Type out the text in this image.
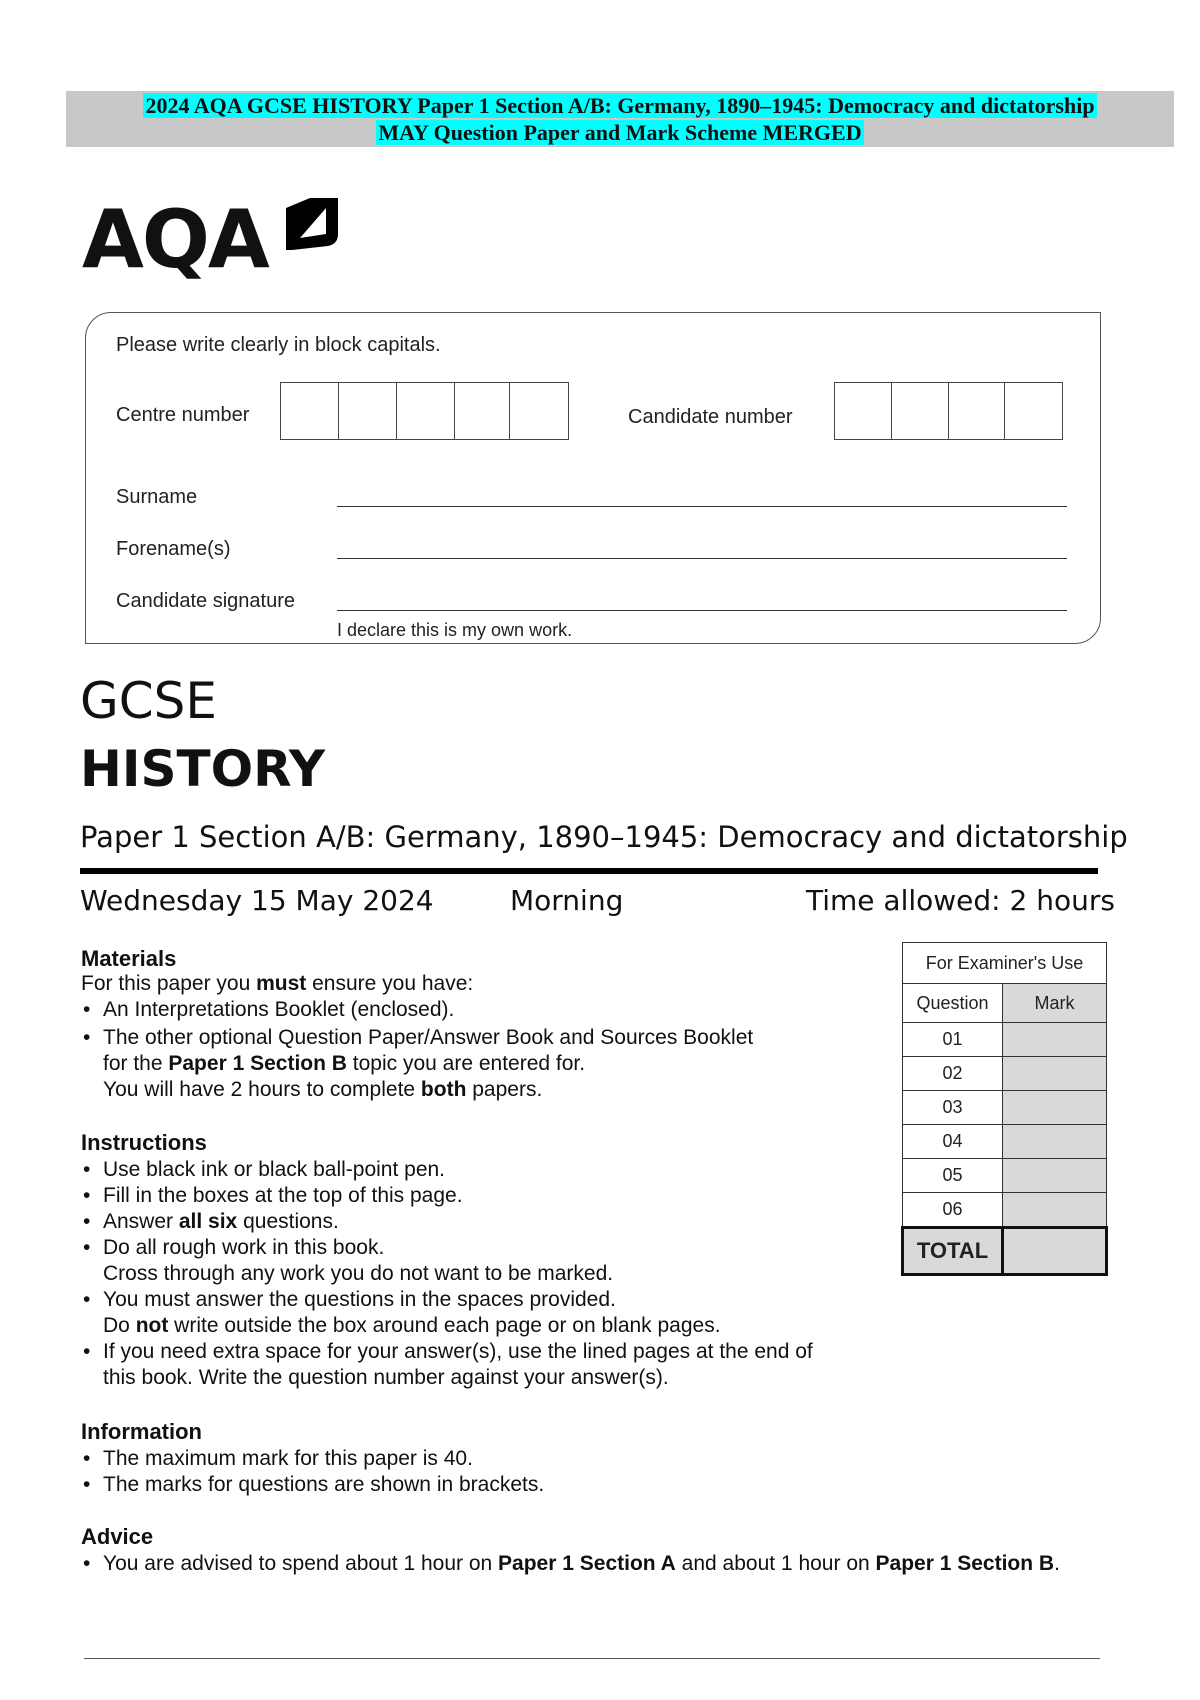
2024 AQA GCSE HISTORY Paper 1 Section A/B: Germany, 1890–1945: Democracy and dictatorship
MAY Question Paper and Mark Scheme MERGED
AQA
Please write clearly in block capitals.
Centre number	Candidate number
Surname
Forename(s)
Candidate signature
I declare this is my own work.
GCSE
HISTORY
Paper 1 Section A/B: Germany, 1890–1945: Democracy and dictatorship
Wednesday 15 May 2024	Morning	Time allowed: 2 hours
Materials
For this paper you must ensure you have:
• An Interpretations Booklet (enclosed).
• The other optional Question Paper/Answer Book and Sources Booklet
for the Paper 1 Section B topic you are entered for.
You will have 2 hours to complete both papers.
Instructions
• Use black ink or black ball-point pen.
• Fill in the boxes at the top of this page.
• Answer all six questions.
• Do all rough work in this book.
Cross through any work you do not want to be marked.
• You must answer the questions in the spaces provided.
Do not write outside the box around each page or on blank pages.
• If you need extra space for your answer(s), use the lined pages at the end of
this book. Write the question number against your answer(s).
Information
• The maximum mark for this paper is 40.
• The marks for questions are shown in brackets.
Advice
• You are advised to spend about 1 hour on Paper 1 Section A and about 1 hour on Paper 1 Section B.
For Examiner's Use	
Question	Mark
01	
02	
03	
04	
05	
06	
TOTAL	
